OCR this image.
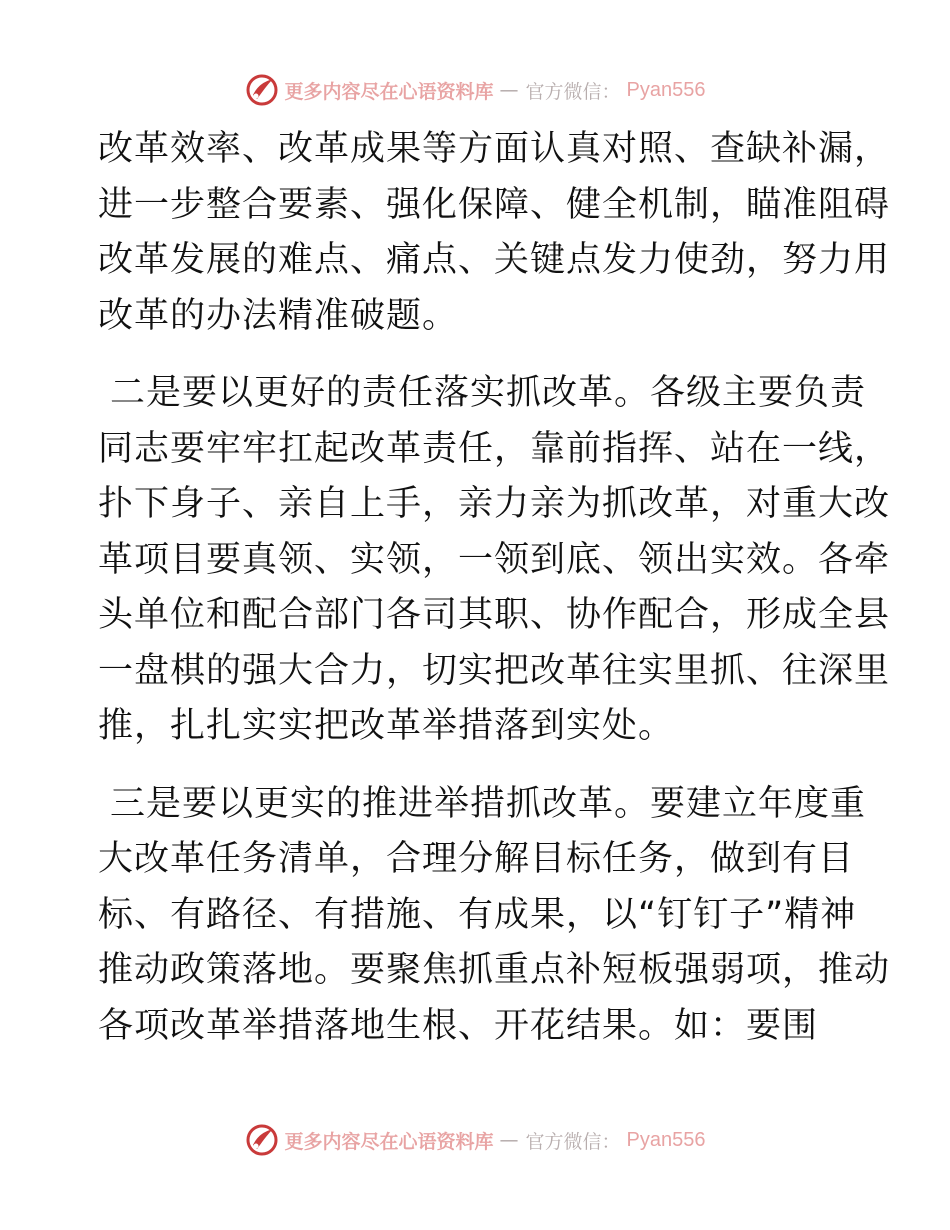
更多内容尽在心语资料库 — 官方微信： Pyan556
改革效率、改革成果等方面认真对照、查缺补漏，
进一步整合要素、强化保障、健全机制，瞄准阻碍
改革发展的难点、痛点、关键点发力使劲，努力用
改革的办法精准破题。
二是要以更好的责任落实抓改革。各级主要负责
同志要牢牢扛起改革责任，靠前指挥、站在一线，
扑下身子、亲自上手，亲力亲为抓改革，对重大改
革项目要真领、实领，一领到底、领出实效。各牵
头单位和配合部门各司其职、协作配合，形成全县
一盘棋的强大合力，切实把改革往实里抓、往深里
推，扎扎实实把改革举措落到实处。
三是要以更实的推进举措抓改革。要建立年度重
大改革任务清单，合理分解目标任务，做到有目
标、有路径、有措施、有成果，以“钉钉子”精神
推动政策落地。要聚焦抓重点补短板强弱项，推动
各项改革举措落地生根、开花结果。如：要围
更多内容尽在心语资料库 — 官方微信： Pyan556
